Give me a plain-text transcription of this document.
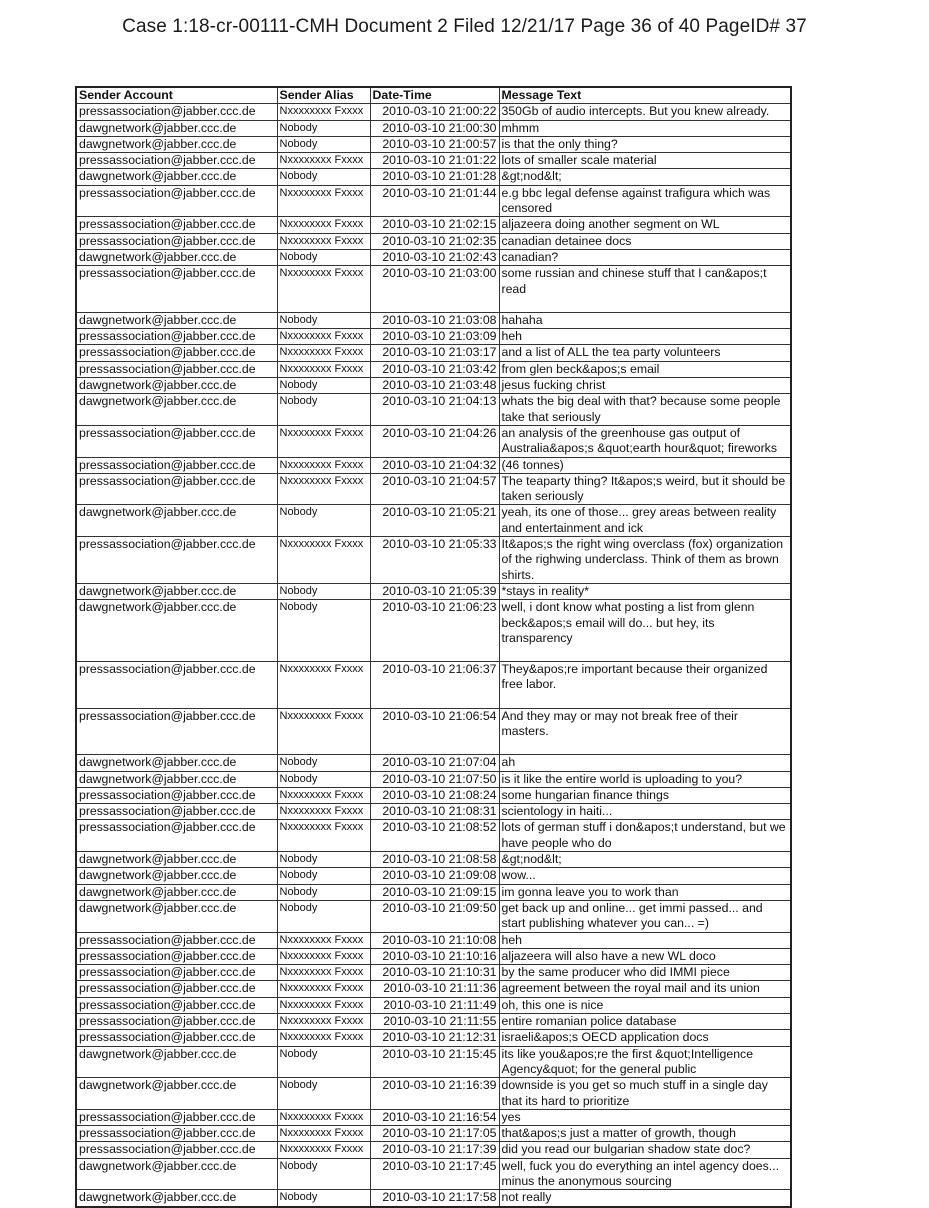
Case 1:18-cr-00111-CMH Document 2 Filed 12/21/17 Page 36 of 40 PageID# 37
Sender Account	Sender Alias	Date-Time	Message Text
pressassociation@jabber.ccc.de	Nxxxxxxxx Fxxxx	2010-03-10 21:00:22	350Gb of audio intercepts. But you knew already.
dawgnetwork@jabber.ccc.de	Nobody	2010-03-10 21:00:30	mhmm
dawgnetwork@jabber.ccc.de	Nobody	2010-03-10 21:00:57	is that the only thing?
pressassociation@jabber.ccc.de	Nxxxxxxxx Fxxxx	2010-03-10 21:01:22	lots of smaller scale material
dawgnetwork@jabber.ccc.de	Nobody	2010-03-10 21:01:28	&gt;nod&lt;
pressassociation@jabber.ccc.de	Nxxxxxxxx Fxxxx	2010-03-10 21:01:44	e.g bbc legal defense against trafigura which was censored
pressassociation@jabber.ccc.de	Nxxxxxxxx Fxxxx	2010-03-10 21:02:15	aljazeera doing another segment on WL
pressassociation@jabber.ccc.de	Nxxxxxxxx Fxxxx	2010-03-10 21:02:35	canadian detainee docs
dawgnetwork@jabber.ccc.de	Nobody	2010-03-10 21:02:43	canadian?
pressassociation@jabber.ccc.de	Nxxxxxxxx Fxxxx	2010-03-10 21:03:00	some russian and chinese stuff that I can&apos;t read
dawgnetwork@jabber.ccc.de	Nobody	2010-03-10 21:03:08	hahaha
pressassociation@jabber.ccc.de	Nxxxxxxxx Fxxxx	2010-03-10 21:03:09	heh
pressassociation@jabber.ccc.de	Nxxxxxxxx Fxxxx	2010-03-10 21:03:17	and a list of ALL the tea party volunteers
pressassociation@jabber.ccc.de	Nxxxxxxxx Fxxxx	2010-03-10 21:03:42	from glen beck&apos;s email
dawgnetwork@jabber.ccc.de	Nobody	2010-03-10 21:03:48	jesus fucking christ
dawgnetwork@jabber.ccc.de	Nobody	2010-03-10 21:04:13	whats the big deal with that? because some people take that seriously
pressassociation@jabber.ccc.de	Nxxxxxxxx Fxxxx	2010-03-10 21:04:26	an analysis of the greenhouse gas output of Australia&apos;s &quot;earth hour&quot; fireworks
pressassociation@jabber.ccc.de	Nxxxxxxxx Fxxxx	2010-03-10 21:04:32	(46 tonnes)
pressassociation@jabber.ccc.de	Nxxxxxxxx Fxxxx	2010-03-10 21:04:57	The teaparty thing? It&apos;s weird, but it should be taken seriously
dawgnetwork@jabber.ccc.de	Nobody	2010-03-10 21:05:21	yeah, its one of those... grey areas between reality and entertainment and ick
pressassociation@jabber.ccc.de	Nxxxxxxxx Fxxxx	2010-03-10 21:05:33	It&apos;s the right wing overclass (fox) organization of the righwing underclass. Think of them as brown shirts.
dawgnetwork@jabber.ccc.de	Nobody	2010-03-10 21:05:39	*stays in reality*
dawgnetwork@jabber.ccc.de	Nobody	2010-03-10 21:06:23	well, i dont know what posting a list from glenn beck&apos;s email will do... but hey, its transparency
pressassociation@jabber.ccc.de	Nxxxxxxxx Fxxxx	2010-03-10 21:06:37	They&apos;re important because their organized free labor.
pressassociation@jabber.ccc.de	Nxxxxxxxx Fxxxx	2010-03-10 21:06:54	And they may or may not break free of their masters.
dawgnetwork@jabber.ccc.de	Nobody	2010-03-10 21:07:04	ah
dawgnetwork@jabber.ccc.de	Nobody	2010-03-10 21:07:50	is it like the entire world is uploading to you?
pressassociation@jabber.ccc.de	Nxxxxxxxx Fxxxx	2010-03-10 21:08:24	some hungarian finance things
pressassociation@jabber.ccc.de	Nxxxxxxxx Fxxxx	2010-03-10 21:08:31	scientology in haiti...
pressassociation@jabber.ccc.de	Nxxxxxxxx Fxxxx	2010-03-10 21:08:52	lots of german stuff i don&apos;t understand, but we have people who do
dawgnetwork@jabber.ccc.de	Nobody	2010-03-10 21:08:58	&gt;nod&lt;
dawgnetwork@jabber.ccc.de	Nobody	2010-03-10 21:09:08	wow...
dawgnetwork@jabber.ccc.de	Nobody	2010-03-10 21:09:15	im gonna leave you to work than
dawgnetwork@jabber.ccc.de	Nobody	2010-03-10 21:09:50	get back up and online... get immi passed... and start publishing whatever you can... =)
pressassociation@jabber.ccc.de	Nxxxxxxxx Fxxxx	2010-03-10 21:10:08	heh
pressassociation@jabber.ccc.de	Nxxxxxxxx Fxxxx	2010-03-10 21:10:16	aljazeera will also have a new WL doco
pressassociation@jabber.ccc.de	Nxxxxxxxx Fxxxx	2010-03-10 21:10:31	by the same producer who did IMMI piece
pressassociation@jabber.ccc.de	Nxxxxxxxx Fxxxx	2010-03-10 21:11:36	agreement between the royal mail and its union
pressassociation@jabber.ccc.de	Nxxxxxxxx Fxxxx	2010-03-10 21:11:49	oh, this one is nice
pressassociation@jabber.ccc.de	Nxxxxxxxx Fxxxx	2010-03-10 21:11:55	entire romanian police database
pressassociation@jabber.ccc.de	Nxxxxxxxx Fxxxx	2010-03-10 21:12:31	israeli&apos;s OECD application docs
dawgnetwork@jabber.ccc.de	Nobody	2010-03-10 21:15:45	its like you&apos;re the first &quot;Intelligence Agency&quot; for the general public
dawgnetwork@jabber.ccc.de	Nobody	2010-03-10 21:16:39	downside is you get so much stuff in a single day that its hard to prioritize
pressassociation@jabber.ccc.de	Nxxxxxxxx Fxxxx	2010-03-10 21:16:54	yes
pressassociation@jabber.ccc.de	Nxxxxxxxx Fxxxx	2010-03-10 21:17:05	that&apos;s just a matter of growth, though
pressassociation@jabber.ccc.de	Nxxxxxxxx Fxxxx	2010-03-10 21:17:39	did you read our bulgarian shadow state doc?
dawgnetwork@jabber.ccc.de	Nobody	2010-03-10 21:17:45	well, fuck you do everything an intel agency does... minus the anonymous sourcing
dawgnetwork@jabber.ccc.de	Nobody	2010-03-10 21:17:58	not really
